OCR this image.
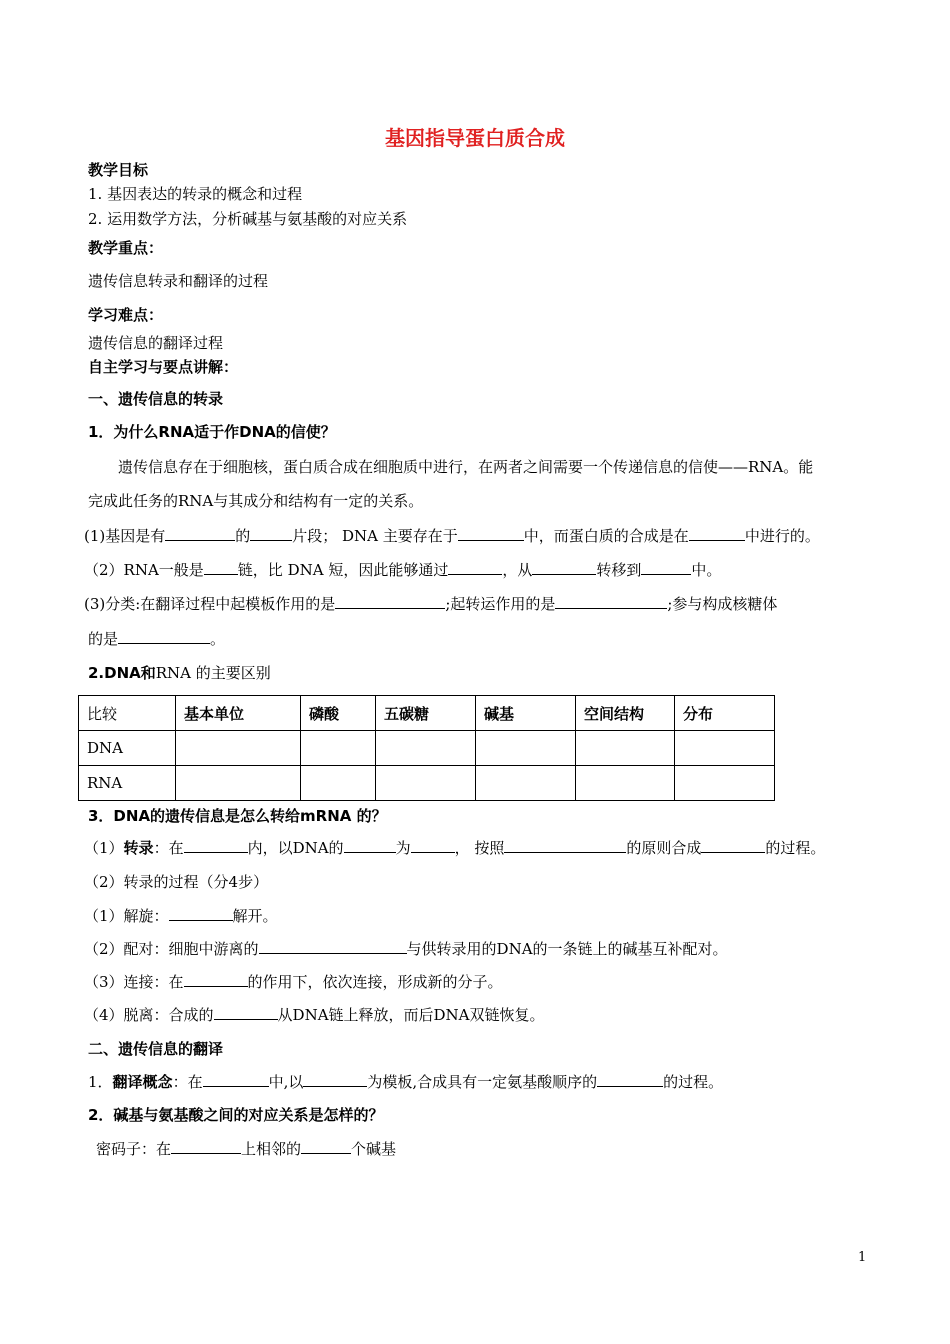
基因指导蛋白质合成
教学目标
1. 基因表达的转录的概念和过程
2. 运用数学方法，分析碱基与氨基酸的对应关系
教学重点：
遗传信息转录和翻译的过程
学习难点：
遗传信息的翻译过程
自主学习与要点讲解：
一、遗传信息的转录
1．为什么RNA适于作DNA的信使？
遗传信息存在于细胞核，蛋白质合成在细胞质中进行，在两者之间需要一个传递信息的信使——RNA。能
完成此任务的RNA与其成分和结构有一定的关系。
(1)基因是有	的	片段； DNA 主要存在于	中，而蛋白质的合成是在	中进行的。
（2）RNA一般是 链，比 DNA 短，因此能够通过	，从	转移到	中。
(3)分类:在翻译过程中起模板作用的是	;起转运作用的是	;参与构成核糖体
的是	。
2.DNA和RNA 的主要区别
比较	基本单位	磷酸	五碳糖	碱基	空间结构	分布
DNA						
RNA						
3．DNA的遗传信息是怎么转给mRNA 的？
（1）转录：在	内，以DNA的	为	， 按照	的原则合成	的过程。
（2）转录的过程（分4步）
（1）解旋：	解开。
（2）配对：细胞中游离的	与供转录用的DNA的一条链上的碱基互补配对。
（3）连接：在	的作用下，依次连接，形成新的分子。
（4）脱离：合成的	从DNA链上释放，而后DNA双链恢复。
二、遗传信息的翻译
1．翻译概念：在	中,以	为模板,合成具有一定氨基酸顺序的	的过程。
2．碱基与氨基酸之间的对应关系是怎样的？
密码子：在	上相邻的	个碱基
1
